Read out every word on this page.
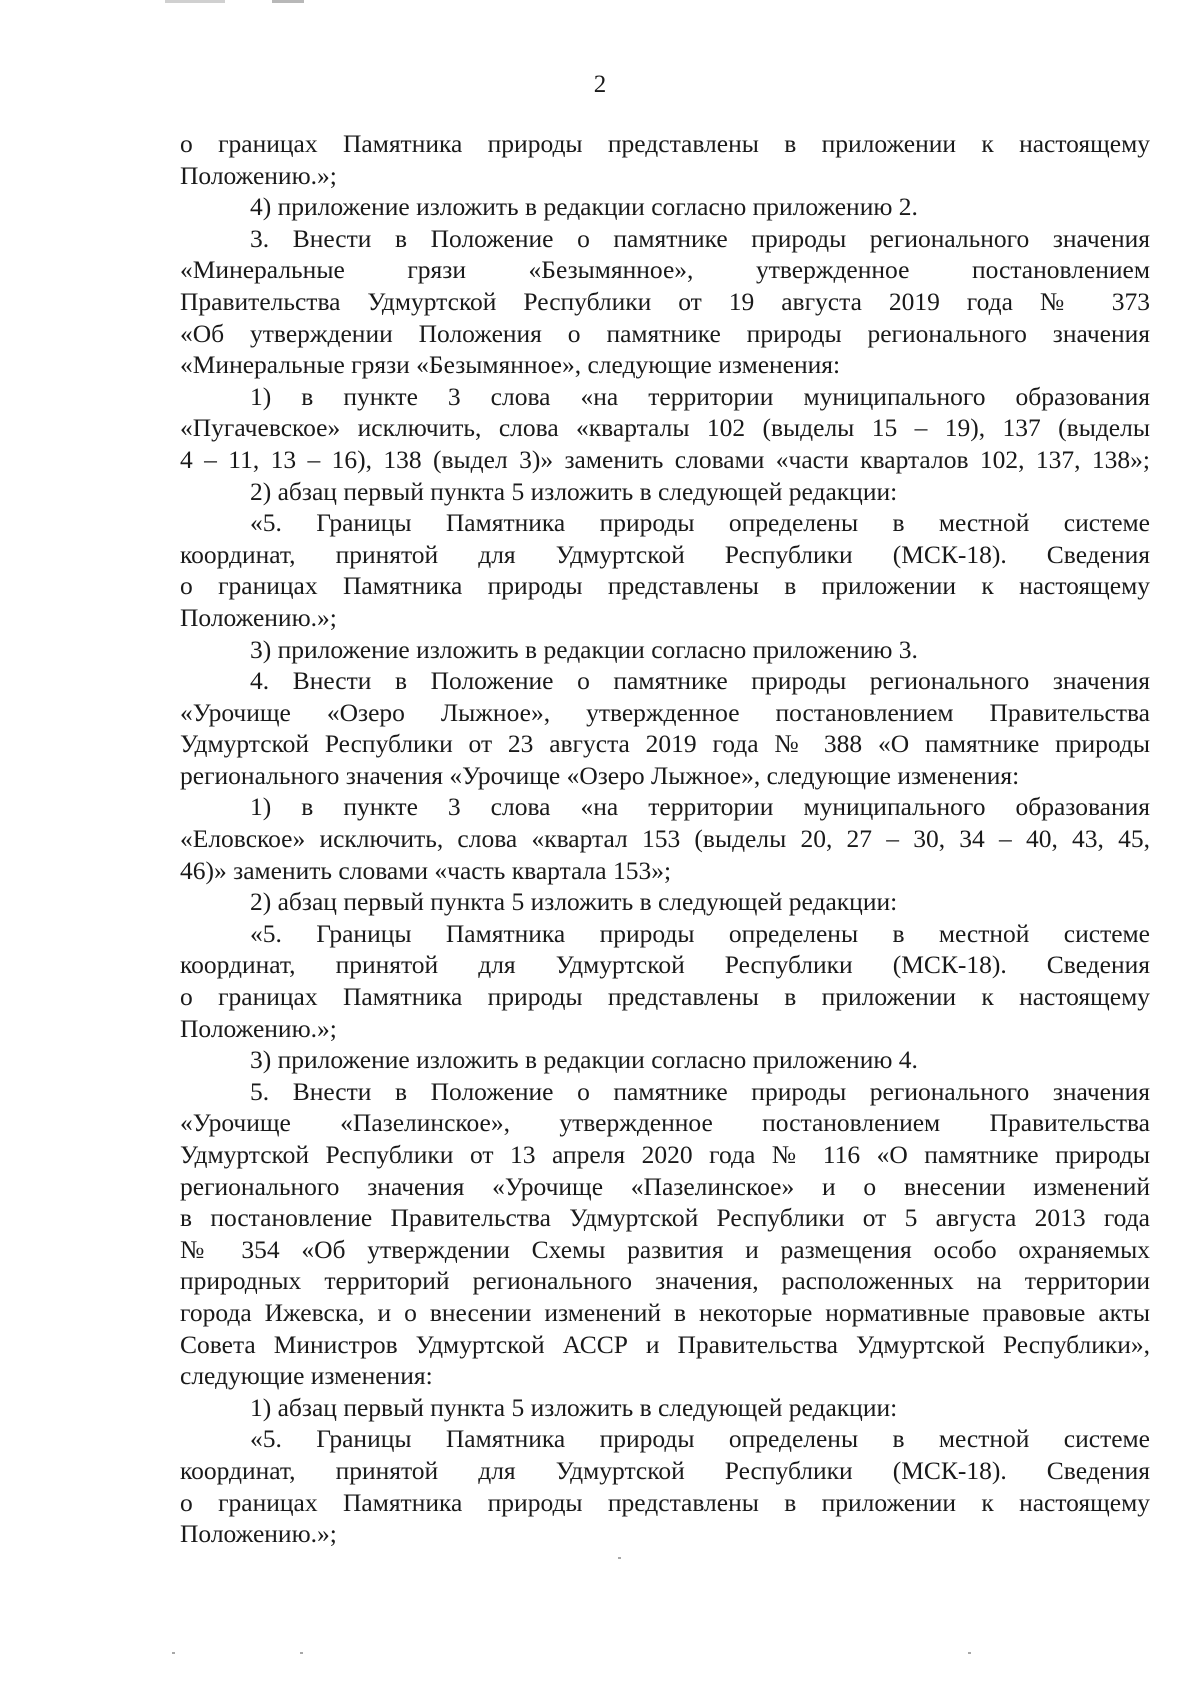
2
о границах Памятника природы представлены в приложении к настоящему
Положению.»;
4) приложение изложить в редакции согласно приложению 2.
3. Внести в Положение о памятнике природы регионального значения
«Минеральные грязи «Безымянное», утвержденное постановлением
Правительства Удмуртской Республики от 19 августа 2019 года № 373
«Об утверждении Положения о памятнике природы регионального значения
«Минеральные грязи «Безымянное», следующие изменения:
1) в пункте 3 слова «на территории муниципального образования
«Пугачевское» исключить, слова «кварталы 102 (выделы 15 – 19), 137 (выделы
4 – 11, 13 – 16), 138 (выдел 3)» заменить словами «части кварталов 102, 137, 138»;
2) абзац первый пункта 5 изложить в следующей редакции:
«5. Границы Памятника природы определены в местной системе
координат, принятой для Удмуртской Республики (МСК-18). Сведения
о границах Памятника природы представлены в приложении к настоящему
Положению.»;
3) приложение изложить в редакции согласно приложению 3.
4. Внести в Положение о памятнике природы регионального значения
«Урочище «Озеро Лыжное», утвержденное постановлением Правительства
Удмуртской Республики от 23 августа 2019 года № 388 «О памятнике природы
регионального значения «Урочище «Озеро Лыжное», следующие изменения:
1) в пункте 3 слова «на территории муниципального образования
«Еловское» исключить, слова «квартал 153 (выделы 20, 27 – 30, 34 – 40, 43, 45,
46)» заменить словами «часть квартала 153»;
2) абзац первый пункта 5 изложить в следующей редакции:
«5. Границы Памятника природы определены в местной системе
координат, принятой для Удмуртской Республики (МСК-18). Сведения
о границах Памятника природы представлены в приложении к настоящему
Положению.»;
3) приложение изложить в редакции согласно приложению 4.
5. Внести в Положение о памятнике природы регионального значения
«Урочище «Пазелинское», утвержденное постановлением Правительства
Удмуртской Республики от 13 апреля 2020 года № 116 «О памятнике природы
регионального значения «Урочище «Пазелинское» и о внесении изменений
в постановление Правительства Удмуртской Республики от 5 августа 2013 года
№ 354 «Об утверждении Схемы развития и размещения особо охраняемых
природных территорий регионального значения, расположенных на территории
города Ижевска, и о внесении изменений в некоторые нормативные правовые акты
Совета Министров Удмуртской АССР и Правительства Удмуртской Республики»,
следующие изменения:
1) абзац первый пункта 5 изложить в следующей редакции:
«5. Границы Памятника природы определены в местной системе
координат, принятой для Удмуртской Республики (МСК-18). Сведения
о границах Памятника природы представлены в приложении к настоящему
Положению.»;
